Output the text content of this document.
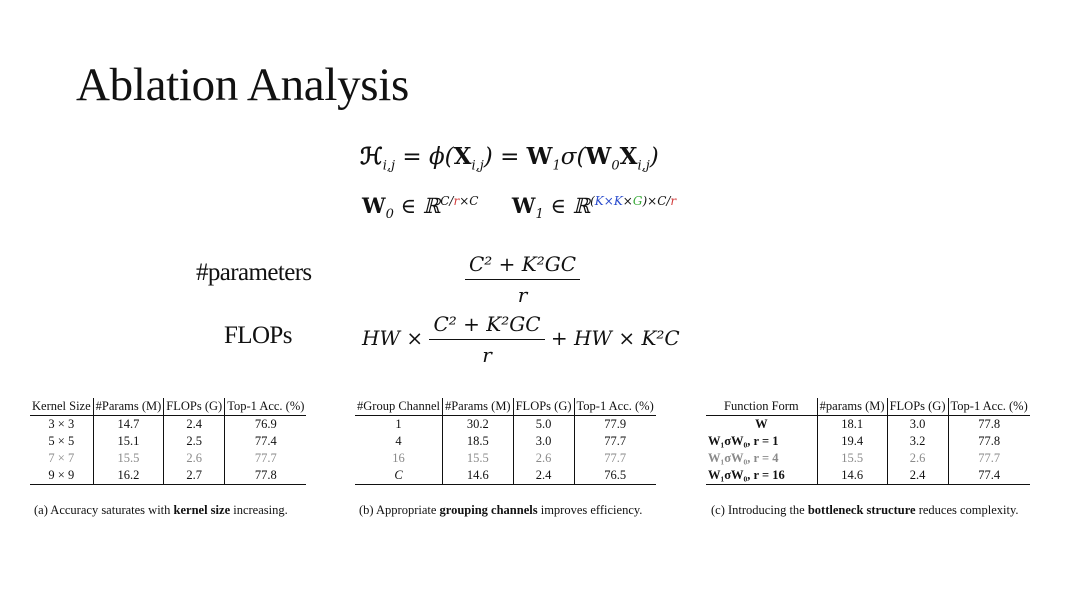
Ablation Analysis
ℋ$_{i,j}$ = $\phi(X_{i,j}) = W_1\sigma(W_0X_{i,j})$
$W_0$ ∈ ℝ$^{C/r\times C}$ $W_1$ ∈ ℝ$^{(K\times K\times G)\times C/r}$
#parameters	$\frac{\text{C² + K²GC}}{r}$
FLOPs	HW × $\frac{\text{C² + K²GC}}{r}$ + HW × K²C
Kernel Size	#Params (M)	FLOPs (G)	Top-1 Acc. (%)
3 × 3	14.7	2.4	76.9
5 × 5	15.1	2.5	77.4
7 × 7	15.5	2.6	77.7
9 × 9	16.2	2.7	77.8
(a) Accuracy saturates with kernel size increasing.
#Group Channel	#Params (M)	FLOPs (G)	Top-1 Acc. (%)
1	30.2	5.0	77.9
4	18.5	3.0	77.7
16	15.5	2.6	77.7
C	14.6	2.4	76.5
(b) Appropriate grouping channels improves efficiency.
Function Form	#params (M)	FLOPs (G)	Top-1 Acc. (%)
W	18.1	3.0	77.8
W₁σW₀, r = 1	19.4	3.2	77.8
W₁σW₀, r = 4	15.5	2.6	77.7
W₁σW₀, r = 16	14.6	2.4	77.4
(c) Introducing the bottleneck structure reduces complexity.
